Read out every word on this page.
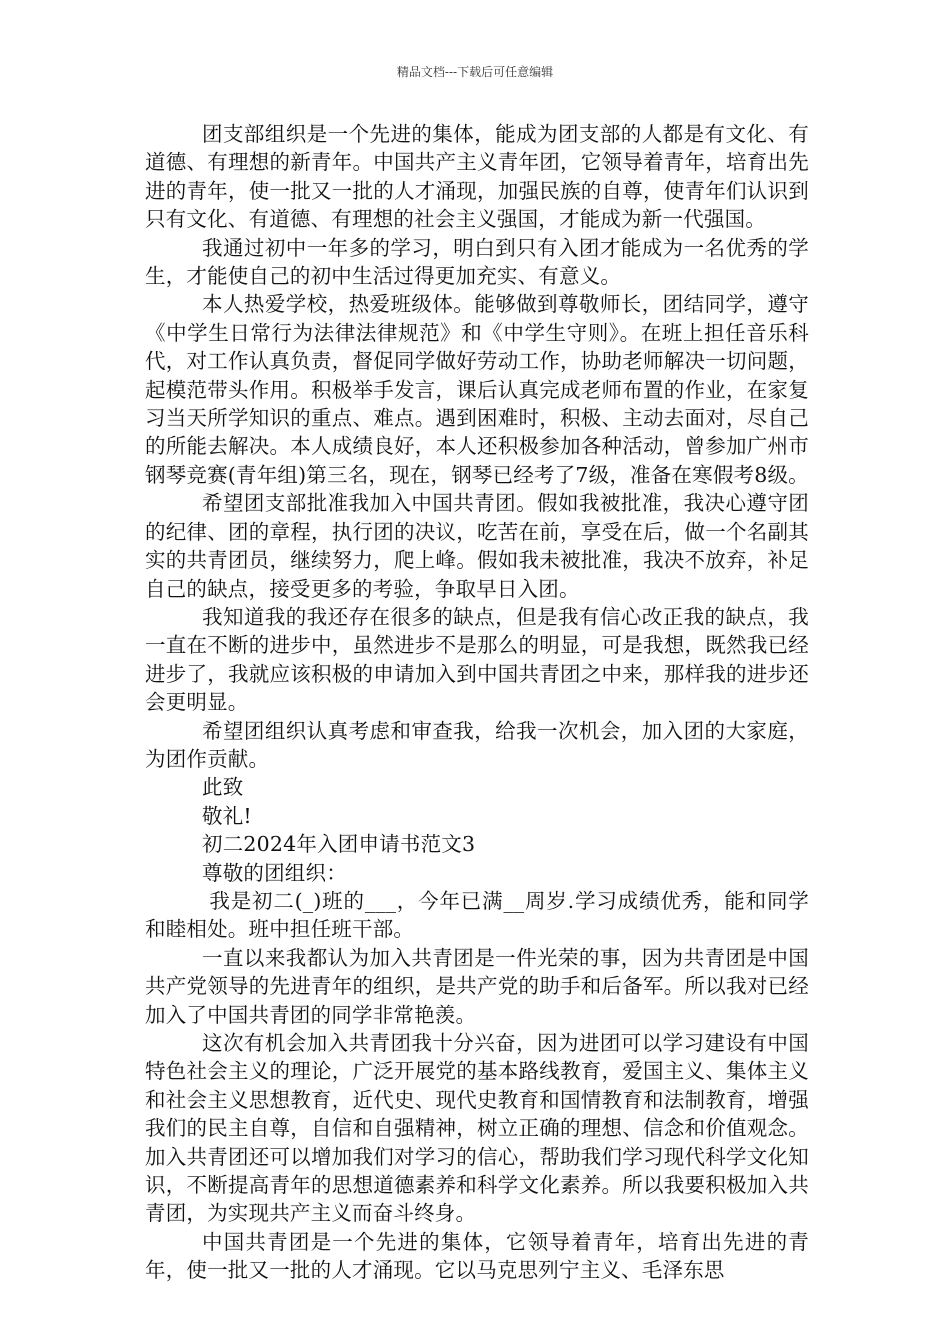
精品文档---下载后可任意编辑

团支部组织是一个先进的集体，能成为团支部的人都是有文化、有道德、有理想的新青年。中国共产主义青年团，它领导着青年，培育出先进的青年，使一批又一批的人才涌现，加强民族的自尊，使青年们认识到只有文化、有道德、有理想的社会主义强国，才能成为新一代强国。

我通过初中一年多的学习，明白到只有入团才能成为一名优秀的学生，才能使自己的初中生活过得更加充实、有意义。

本人热爱学校，热爱班级体。能够做到尊敬师长，团结同学，遵守《中学生日常行为法律法律规范》和《中学生守则》。在班上担任音乐科代，对工作认真负责，督促同学做好劳动工作，协助老师解决一切问题，起模范带头作用。积极举手发言，课后认真完成老师布置的作业，在家复习当天所学知识的重点、难点。遇到困难时，积极、主动去面对，尽自己的所能去解决。本人成绩良好，本人还积极参加各种活动，曾参加广州市钢琴竞赛(青年组)第三名，现在，钢琴已经考了7级，准备在寒假考8级。

希望团支部批准我加入中国共青团。假如我被批准，我决心遵守团的纪律、团的章程，执行团的决议，吃苦在前，享受在后，做一个名副其实的共青团员，继续努力，爬上峰。假如我未被批准，我决不放弃，补足自己的缺点，接受更多的考验，争取早日入团。

我知道我的我还存在很多的缺点，但是我有信心改正我的缺点，我一直在不断的进步中，虽然进步不是那么的明显，可是我想，既然我已经进步了，我就应该积极的申请加入到中国共青团之中来，那样我的进步还会更明显。

希望团组织认真考虑和审查我，给我一次机会，加入团的大家庭，为团作贡献。

此致

敬礼!

初二2024年入团申请书范文3

尊敬的团组织：

我是初二(_)班的___，今年已满__周岁.学习成绩优秀，能和同学和睦相处。班中担任班干部。

一直以来我都认为加入共青团是一件光荣的事，因为共青团是中国共产党领导的先进青年的组织，是共产党的助手和后备军。所以我对已经加入了中国共青团的同学非常艳羡。

这次有机会加入共青团我十分兴奋，因为进团可以学习建设有中国特色社会主义的理论，广泛开展党的基本路线教育，爱国主义、集体主义和社会主义思想教育，近代史、现代史教育和国情教育和法制教育，增强我们的民主自尊，自信和自强精神，树立正确的理想、信念和价值观念。加入共青团还可以增加我们对学习的信心，帮助我们学习现代科学文化知识，不断提高青年的思想道德素养和科学文化素养。所以我要积极加入共青团，为实现共产主义而奋斗终身。

中国共青团是一个先进的集体，它领导着青年，培育出先进的青年，使一批又一批的人才涌现。它以马克思列宁主义、毛泽东思
